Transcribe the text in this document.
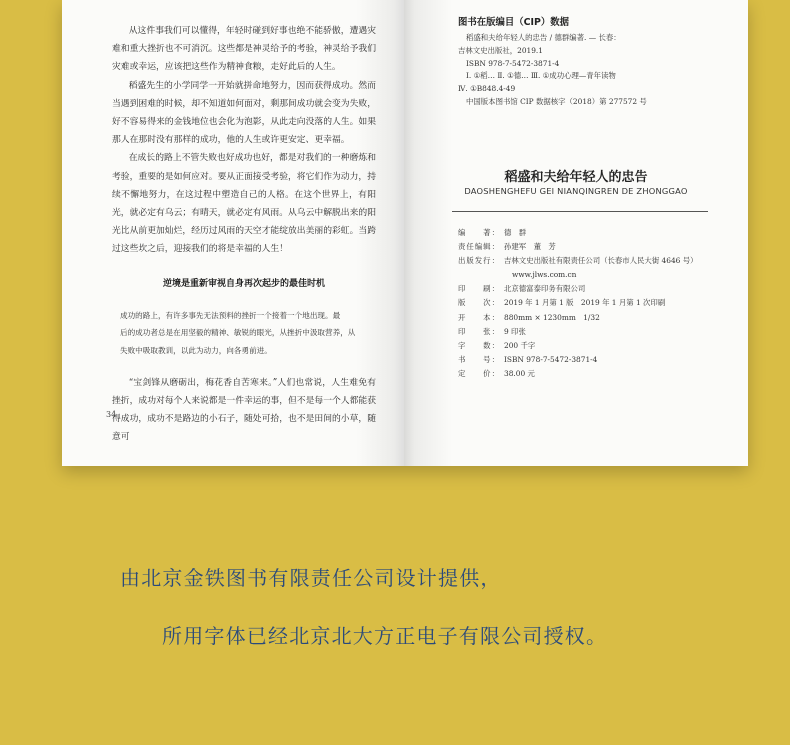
从这件事我们可以懂得，年轻时碰到好事也绝不能骄傲，遭遇灾难和重大挫折也不可消沉。这些都是神灵给予的考验，神灵给予我们灾难或幸运，应该把这些作为精神食粮，走好此后的人生。

稻盛先生的小学同学一开始就拼命地努力，因而获得成功。然而当遇到困难的时候，却不知道如何面对，剩那间成功就会变为失败，好不容易得来的金钱地位也会化为泡影，从此走向没落的人生。如果那人在那时没有那样的成功，他的人生或许更安定、更幸福。

在成长的路上不管失败也好成功也好，都是对我们的一种磨炼和考验，重要的是如何应对。要从正面接受考验，将它们作为动力，持续不懈地努力，在这过程中塑造自己的人格。在这个世界上，有阳光，就必定有乌云；有晴天，就必定有风雨。从乌云中解脱出来的阳光比从前更加灿烂，经历过风雨的天空才能绽放出美丽的彩虹。当跨过这些坎之后，迎接我们的将是幸福的人生！

逆境是重新审视自身再次起步的最佳时机
成功的路上，有许多事先无法预料的挫折一个接着一个地出现。最
后的成功者总是在用坚毅的精神、敏锐的眼光，从挫折中汲取营养，从
失败中吸取教训，以此为动力，向各勇前进。

“宝剑锋从磨砺出，梅花香自苦寒来。”人们也常说，人生难免有挫折，成功对每个人来说都是一件幸运的事，但不是每一个人都能获得成功，成功不是路边的小石子，随处可拾，也不是田间的小草，随意可

34
图书在版编目（CIP）数据
稻盛和夫给年轻人的忠告 / 德群编著. — 长春：
吉林文史出版社，2019.1
ISBN 978-7-5472-3871-4
Ⅰ. ①稻… Ⅱ. ①德… Ⅲ. ①成功心理—青年读物
Ⅳ. ①B848.4-49
中国版本图书馆 CIP 数据核字（2018）第 277572 号
稻盛和夫给年轻人的忠告
DAOSHENGHEFU GEI NIANQINGREN DE ZHONGGAO
编　　著： 德　群
责任编辑： 孙建军　董　芳
出版发行： 吉林文史出版社有限责任公司（长春市人民大街 4646 号）
www.jlws.com.cn
印　　刷： 北京德富泰印务有限公司
版　　次： 2019 年 1 月第 1 版　2019 年 1 月第 1 次印刷
开　　本： 880mm × 1230mm　1/32
印　　张： 9 印张
字　　数： 200 千字
书　　号： ISBN 978-7-5472-3871-4
定　　价： 38.00 元
由北京金铁图书有限责任公司设计提供，
所用字体已经北京北大方正电子有限公司授权。
